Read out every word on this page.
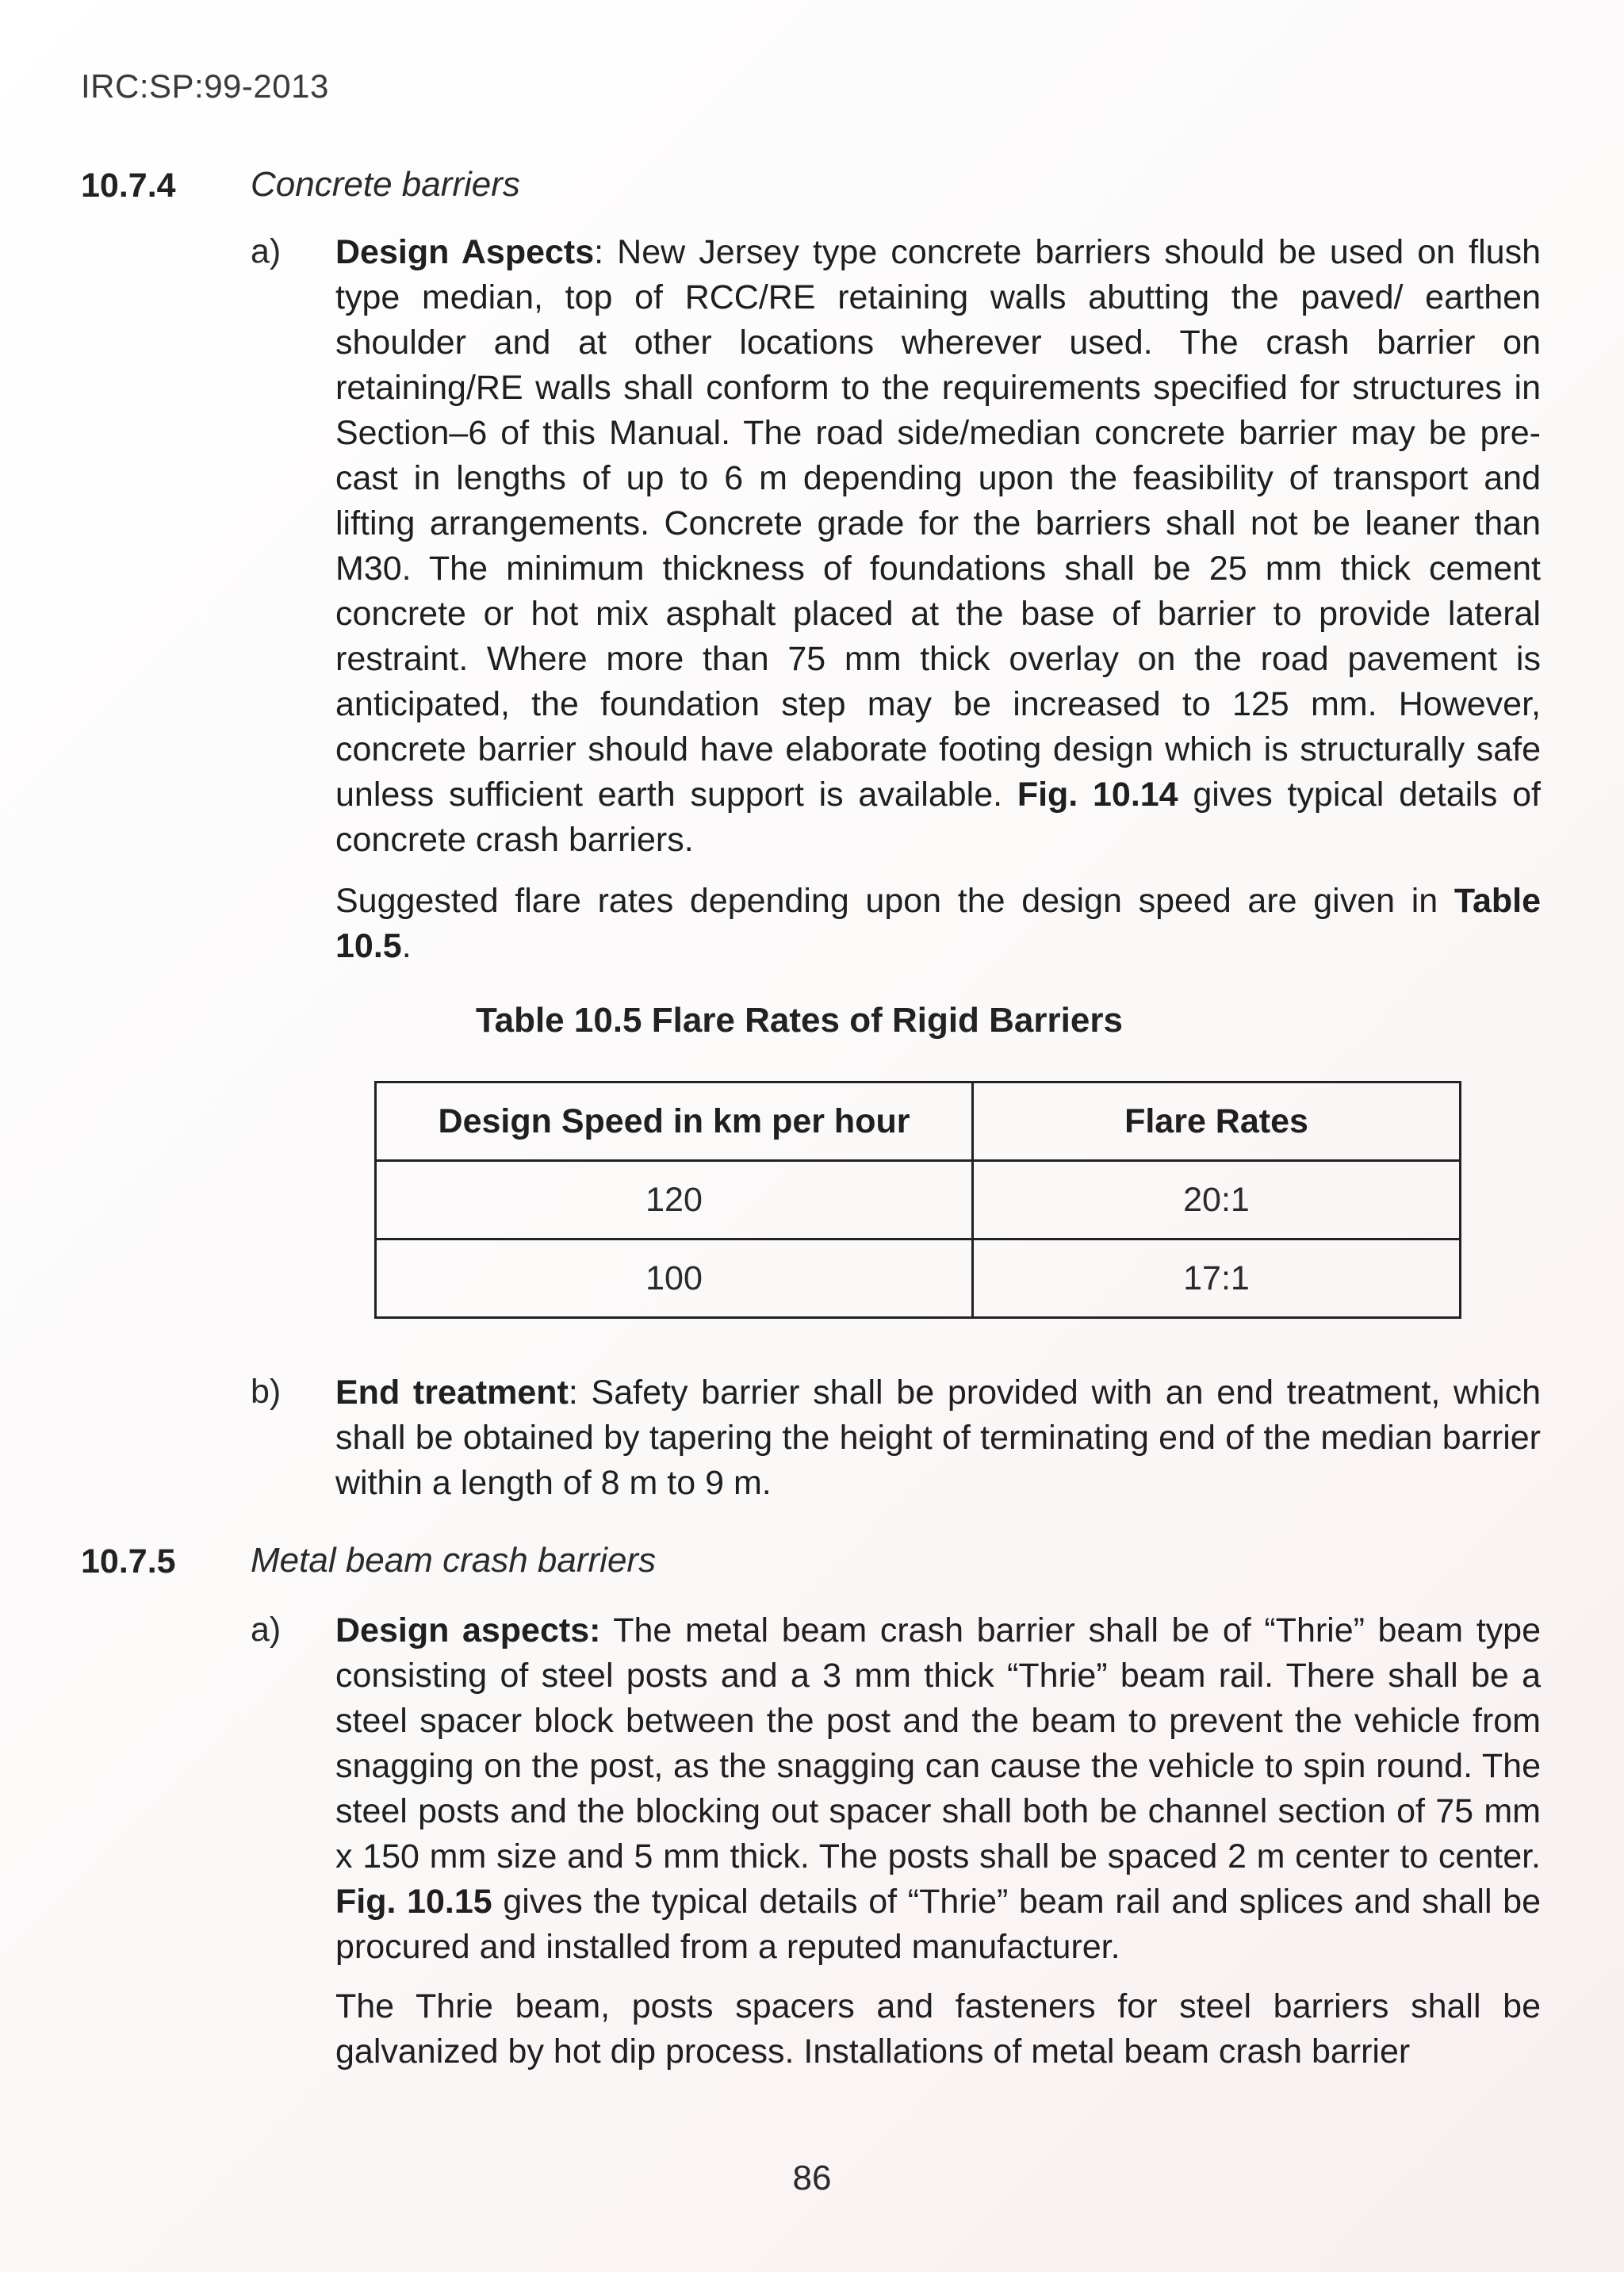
IRC:SP:99-2013
10.7.4 Concrete barriers
a) Design Aspects: New Jersey type concrete barriers should be used on flush type median, top of RCC/RE retaining walls abutting the paved/ earthen shoulder and at other locations wherever used. The crash barrier on retaining/RE walls shall conform to the requirements specified for structures in Section–6 of this Manual. The road side/median concrete barrier may be pre-cast in lengths of up to 6 m depending upon the feasibility of transport and lifting arrangements. Concrete grade for the barriers shall not be leaner than M30. The minimum thickness of foundations shall be 25 mm thick cement concrete or hot mix asphalt placed at the base of barrier to provide lateral restraint. Where more than 75 mm thick overlay on the road pavement is anticipated, the foundation step may be increased to 125 mm. However, concrete barrier should have elaborate footing design which is structurally safe unless sufficient earth support is available. Fig. 10.14 gives typical details of concrete crash barriers.
Suggested flare rates depending upon the design speed are given in Table 10.5.
Table 10.5 Flare Rates of Rigid Barriers
Design Speed in km per hour	Flare Rates
120	20:1
100	17:1
b) End treatment: Safety barrier shall be provided with an end treatment, which shall be obtained by tapering the height of terminating end of the median barrier within a length of 8 m to 9 m.
10.7.5 Metal beam crash barriers
a) Design aspects: The metal beam crash barrier shall be of “Thrie” beam type consisting of steel posts and a 3 mm thick “Thrie” beam rail. There shall be a steel spacer block between the post and the beam to prevent the vehicle from snagging on the post, as the snagging can cause the vehicle to spin round. The steel posts and the blocking out spacer shall both be channel section of 75 mm x 150 mm size and 5 mm thick. The posts shall be spaced 2 m center to center. Fig. 10.15 gives the typical details of “Thrie” beam rail and splices and shall be procured and installed from a reputed manufacturer.
The Thrie beam, posts spacers and fasteners for steel barriers shall be galvanized by hot dip process. Installations of metal beam crash barrier
86
